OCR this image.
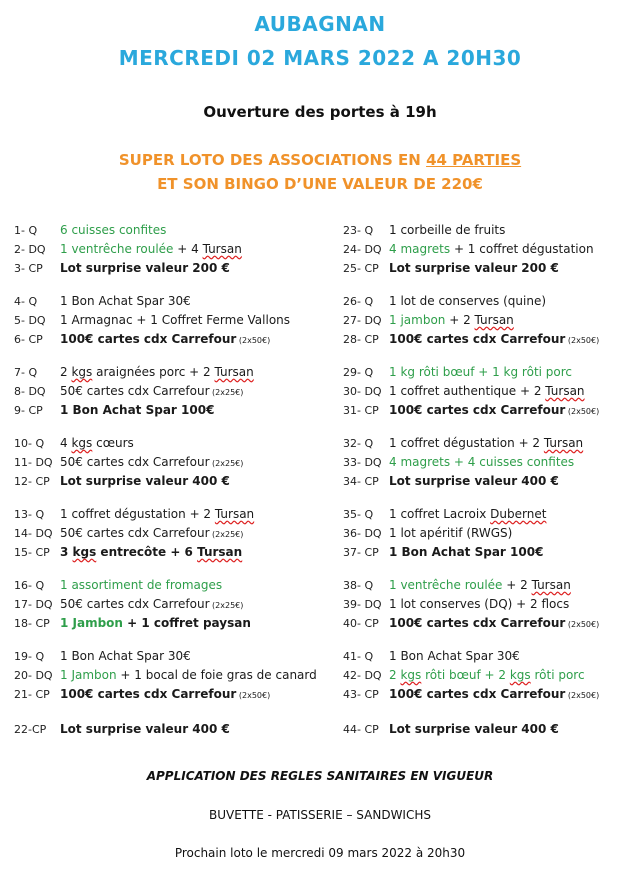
AUBAGNAN
MERCREDI 02 MARS 2022 A 20H30
Ouverture des portes à 19h
SUPER LOTO DES ASSOCIATIONS EN 44 PARTIES
ET SON BINGO D’UNE VALEUR DE 220€
1- Q 6 cuisses confites
2- DQ 1 ventrêche roulée + 4 Tursan
3- CP Lot surprise valeur 200 €
4- Q 1 Bon Achat Spar 30€
5- DQ 1 Armagnac + 1 Coffret Ferme Vallons
6- CP 100€ cartes cdx Carrefour (2x50€)
7- Q 2 kgs araignées porc + 2 Tursan
8- DQ 50€ cartes cdx Carrefour (2x25€)
9- CP 1 Bon Achat Spar 100€
10- Q 4 kgs cœurs
11- DQ 50€ cartes cdx Carrefour (2x25€)
12- CP Lot surprise valeur 400 €
13- Q 1 coffret dégustation + 2 Tursan
14- DQ 50€ cartes cdx Carrefour (2x25€)
15- CP 3 kgs entrecôte + 6 Tursan
16- Q 1 assortiment de fromages
17- DQ 50€ cartes cdx Carrefour (2x25€)
18- CP 1 Jambon + 1 coffret paysan
19- Q 1 Bon Achat Spar 30€
20- DQ 1 Jambon + 1 bocal de foie gras de canard
21- CP 100€ cartes cdx Carrefour (2x50€)
22-CP Lot surprise valeur 400 €
23- Q 1 corbeille de fruits
24- DQ 4 magrets + 1 coffret dégustation
25- CP Lot surprise valeur 200 €
26- Q 1 lot de conserves (quine)
27- DQ 1 jambon + 2 Tursan
28- CP 100€ cartes cdx Carrefour (2x50€)
29- Q 1 kg rôti bœuf + 1 kg rôti porc
30- DQ 1 coffret authentique + 2 Tursan
31- CP 100€ cartes cdx Carrefour (2x50€)
32- Q 1 coffret dégustation + 2 Tursan
33- DQ 4 magrets + 4 cuisses confites
34- CP Lot surprise valeur 400 €
35- Q 1 coffret Lacroix Dubernet
36- DQ 1 lot apéritif (RWGS)
37- CP 1 Bon Achat Spar 100€
38- Q 1 ventrêche roulée + 2 Tursan
39- DQ 1 lot conserves (DQ) + 2 flocs
40- CP 100€ cartes cdx Carrefour (2x50€)
41- Q 1 Bon Achat Spar 30€
42- DQ 2 kgs rôti bœuf + 2 kgs rôti porc
43- CP 100€ cartes cdx Carrefour (2x50€)
44- CP Lot surprise valeur 400 €
APPLICATION DES REGLES SANITAIRES EN VIGUEUR
BUVETTE - PATISSERIE – SANDWICHS
Prochain loto le mercredi 09 mars 2022 à 20h30
